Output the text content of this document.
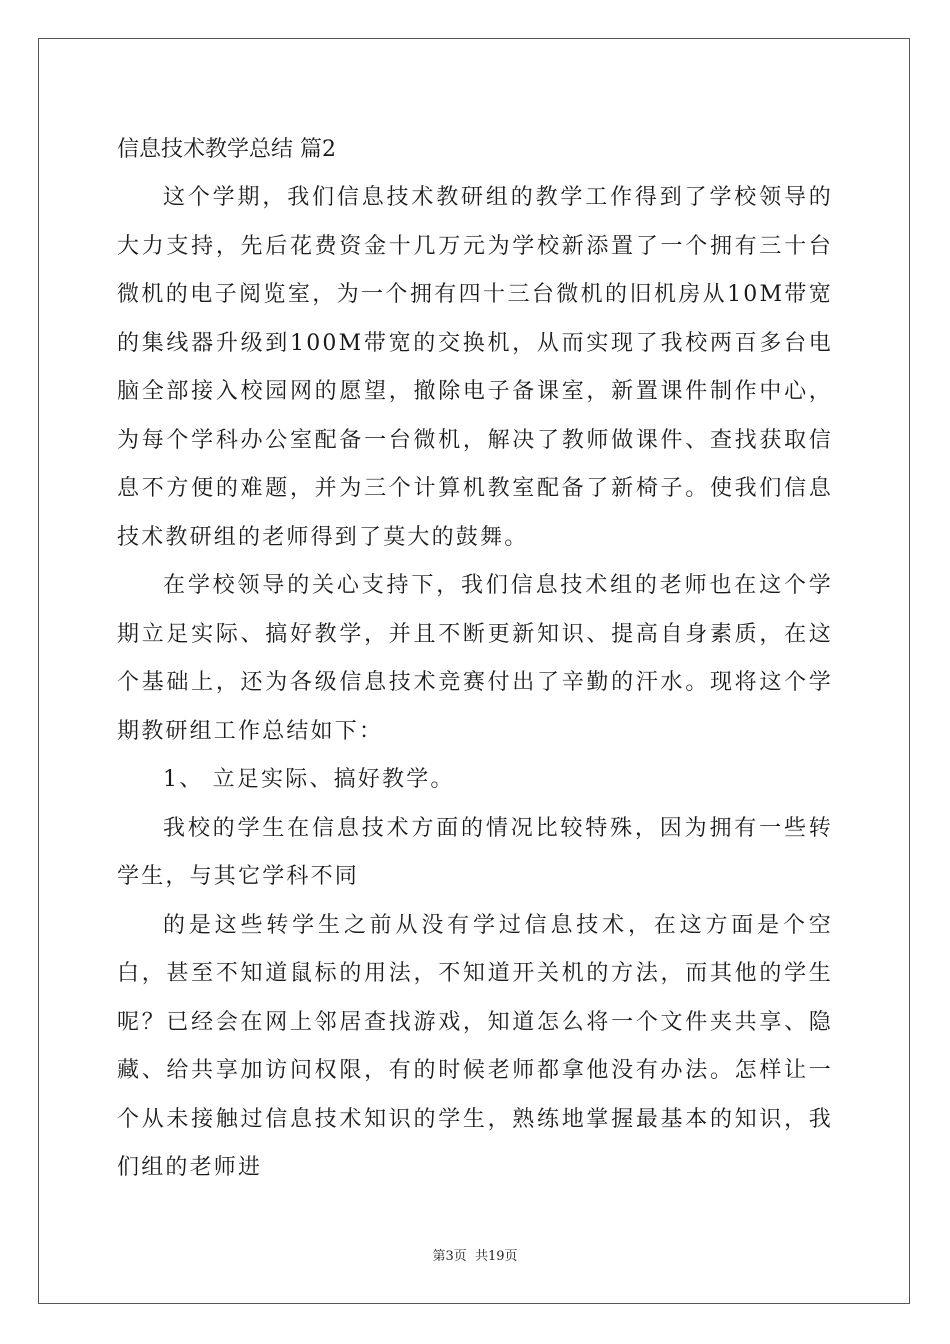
信息技术教学总结 篇2

这个学期，我们信息技术教研组的教学工作得到了学校领导的大力支持，先后花费资金十几万元为学校新添置了一个拥有三十台微机的电子阅览室，为一个拥有四十三台微机的旧机房从10M带宽的集线器升级到100M带宽的交换机，从而实现了我校两百多台电脑全部接入校园网的愿望，撤除电子备课室，新置课件制作中心，为每个学科办公室配备一台微机，解决了教师做课件、查找获取信息不方便的难题，并为三个计算机教室配备了新椅子。使我们信息技术教研组的老师得到了莫大的鼓舞。

在学校领导的关心支持下，我们信息技术组的老师也在这个学期立足实际、搞好教学，并且不断更新知识、提高自身素质，在这个基础上，还为各级信息技术竞赛付出了辛勤的汗水。现将这个学期教研组工作总结如下：

1、 立足实际、搞好教学。

我校的学生在信息技术方面的情况比较特殊，因为拥有一些转学生，与其它学科不同

的是这些转学生之前从没有学过信息技术，在这方面是个空白，甚至不知道鼠标的用法，不知道开关机的方法，而其他的学生呢？已经会在网上邻居查找游戏，知道怎么将一个文件夹共享、隐藏、给共享加访问权限，有的时候老师都拿他没有办法。怎样让一个从未接触过信息技术知识的学生，熟练地掌握最基本的知识，我们组的老师进

第3页 共19页
